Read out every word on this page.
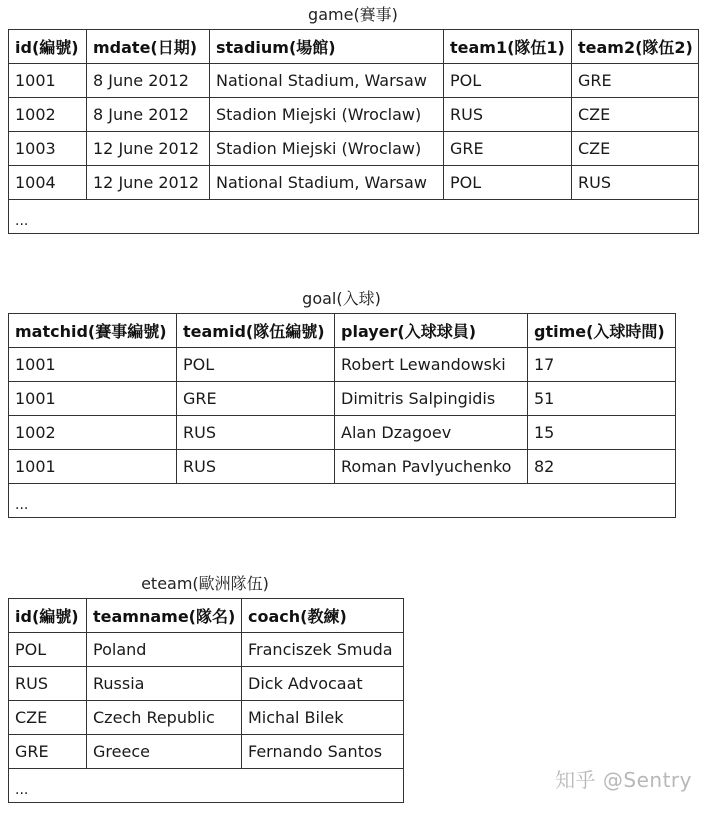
game(賽事)
id(編號)	mdate(日期)	stadium(場館)	team1(隊伍1)	team2(隊伍2)
1001	8 June 2012	National Stadium, Warsaw	POL	GRE
1002	8 June 2012	Stadion Miejski (Wroclaw)	RUS	CZE
1003	12 June 2012	Stadion Miejski (Wroclaw)	GRE	CZE
1004	12 June 2012	National Stadium, Warsaw	POL	RUS
...				
goal(入球)
matchid(賽事編號)	teamid(隊伍編號)	player(入球球員)	gtime(入球時間)
1001	POL	Robert Lewandowski	17
1001	GRE	Dimitris Salpingidis	51
1002	RUS	Alan Dzagoev	15
1001	RUS	Roman Pavlyuchenko	82
...			
eteam(歐洲隊伍)
id(編號)	teamname(隊名)	coach(教練)
POL	Poland	Franciszek Smuda
RUS	Russia	Dick Advocaat
CZE	Czech Republic	Michal Bilek
GRE	Greece	Fernando Santos
...			知乎 @Sentry
